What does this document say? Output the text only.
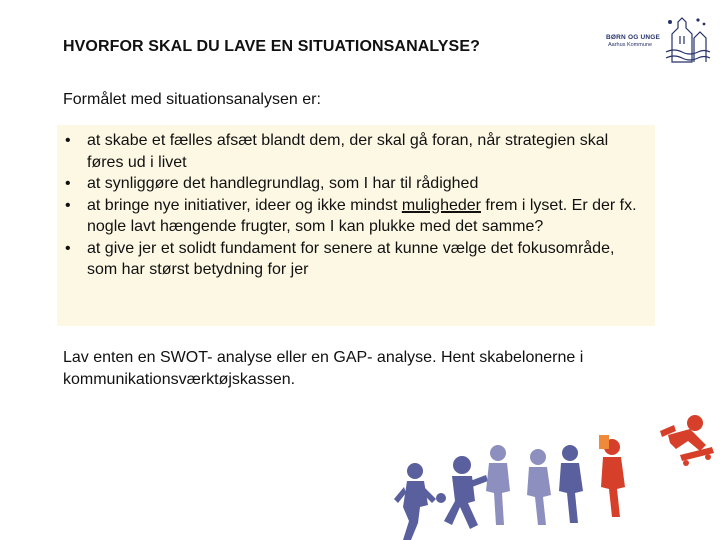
HVORFOR SKAL DU LAVE EN SITUATIONSANALYSE?
BØRN OG UNGE
Aarhus Kommune
Formålet med situationsanalysen er:
• at skabe et fælles afsæt blandt dem, der skal gå foran, når strategien skal føres ud i livet
• at synliggøre det handlegrundlag, som I har til rådighed
• at bringe nye initiativer, ideer og ikke mindst muligheder frem i lyset. Er der fx. nogle lavt hængende frugter, som I kan plukke med det samme?
• at give jer et solidt fundament for senere at kunne vælge det fokusområde, som har størst betydning for jer
Lav enten en SWOT- analyse eller en GAP- analyse. Hent skabelonerne i kommunikationsværktøjskassen.
